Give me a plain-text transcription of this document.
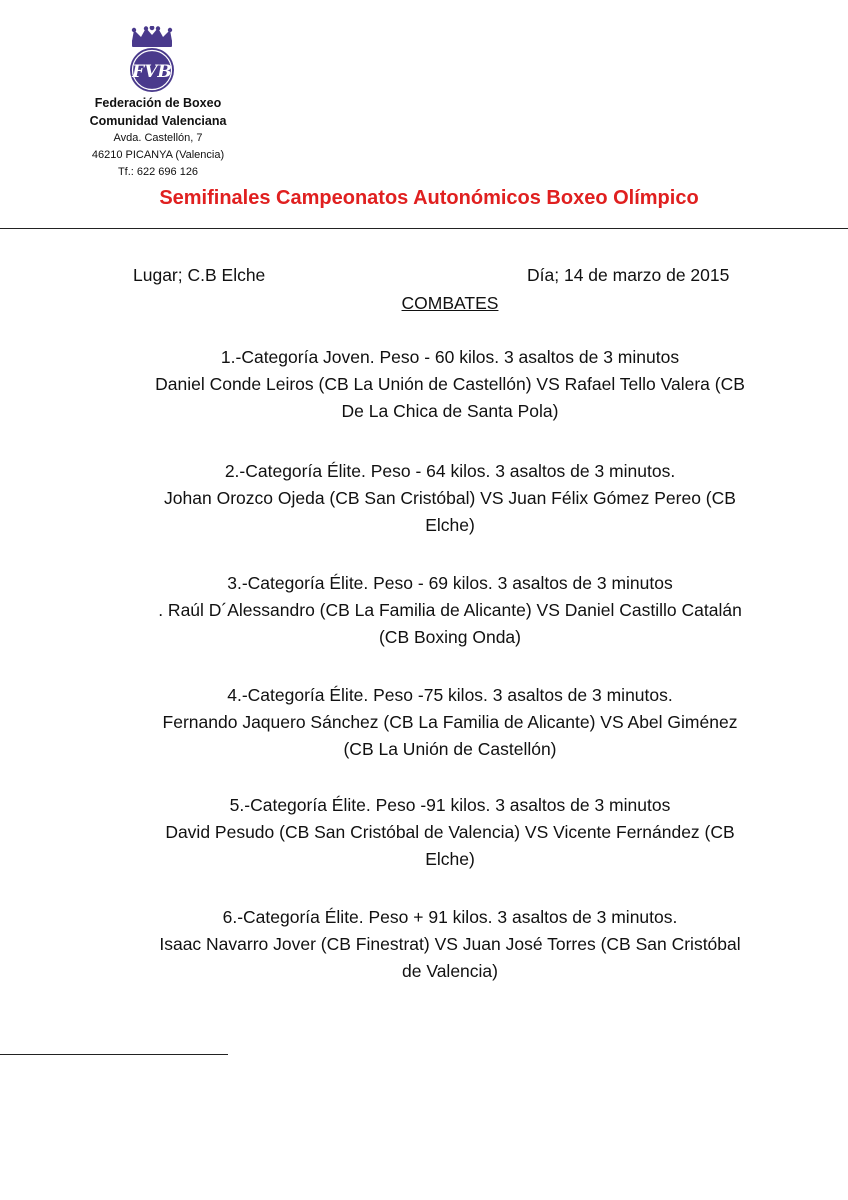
FVB
Federación de Boxeo
Comunidad Valenciana
Avda. Castellón, 7
46210 PICANYA (Valencia)
Tf.: 622 696 126
Semifinales Campeonatos Autonómicos Boxeo Olímpico
Lugar; C.B Elche	Día; 14 de marzo de 2015
COMBATES
1.-Categoría Joven. Peso - 60 kilos. 3 asaltos de 3 minutos
Daniel Conde Leiros (CB La Unión de Castellón) VS Rafael Tello Valera (CB
De La Chica de Santa Pola)
2.-Categoría Élite. Peso - 64 kilos. 3 asaltos de 3 minutos.
Johan Orozco Ojeda (CB San Cristóbal) VS Juan Félix Gómez Pereo (CB
Elche)
3.-Categoría Élite. Peso - 69 kilos. 3 asaltos de 3 minutos
. Raúl D´Alessandro (CB La Familia de Alicante) VS Daniel Castillo Catalán
(CB Boxing Onda)
4.-Categoría Élite. Peso -75 kilos. 3 asaltos de 3 minutos.
Fernando Jaquero Sánchez (CB La Familia de Alicante) VS Abel Giménez
(CB La Unión de Castellón)
5.-Categoría Élite. Peso -91 kilos. 3 asaltos de 3 minutos
David Pesudo (CB San Cristóbal de Valencia) VS Vicente Fernández (CB
Elche)
6.-Categoría Élite. Peso + 91 kilos. 3 asaltos de 3 minutos.
Isaac Navarro Jover (CB Finestrat) VS Juan José Torres (CB San Cristóbal
de Valencia)
